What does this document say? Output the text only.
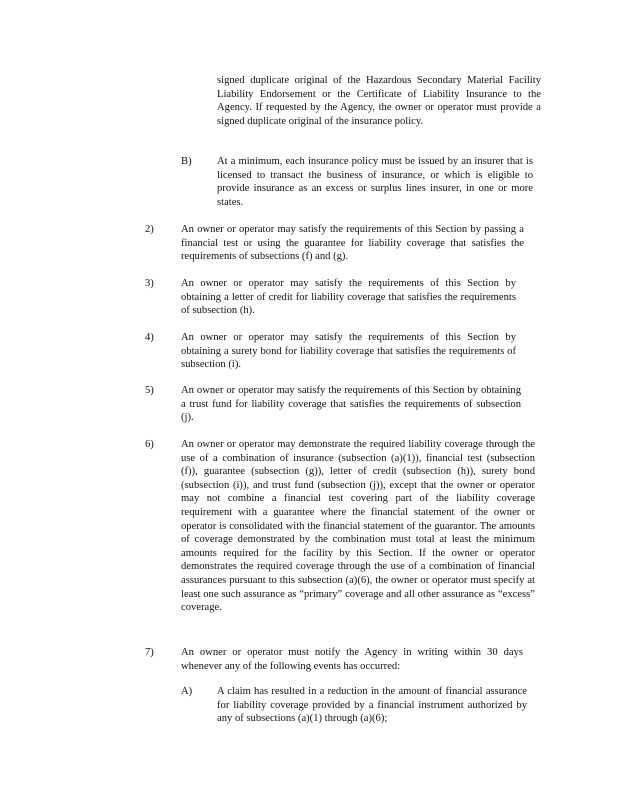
signed duplicate original of the Hazardous Secondary Material Facility Liability Endorsement or the Certificate of Liability Insurance to the Agency. If requested by the Agency, the owner or operator must provide a signed duplicate original of the insurance policy.
B) At a minimum, each insurance policy must be issued by an insurer that is licensed to transact the business of insurance, or which is eligible to provide insurance as an excess or surplus lines insurer, in one or more states.
2)	An owner or operator may satisfy the requirements of this Section by passing a financial test or using the guarantee for liability coverage that satisfies the requirements of subsections (f) and (g).
3)	An owner or operator may satisfy the requirements of this Section by obtaining a letter of credit for liability coverage that satisfies the requirements of subsection (h).
4)	An owner or operator may satisfy the requirements of this Section by obtaining a surety bond for liability coverage that satisfies the requirements of subsection (i).
5)	An owner or operator may satisfy the requirements of this Section by obtaining a trust fund for liability coverage that satisfies the requirements of subsection (j).
6)	An owner or operator may demonstrate the required liability coverage through the use of a combination of insurance (subsection (a)(1)), financial test (subsection (f)), guarantee (subsection (g)), letter of credit (subsection (h)), surety bond (subsection (i)), and trust fund (subsection (j)), except that the owner or operator may not combine a financial test covering part of the liability coverage requirement with a guarantee where the financial statement of the owner or operator is consolidated with the financial statement of the guarantor. The amounts of coverage demonstrated by the combination must total at least the minimum amounts required for the facility by this Section. If the owner or operator demonstrates the required coverage through the use of a combination of financial assurances pursuant to this subsection (a)(6), the owner or operator must specify at least one such assurance as “primary” coverage and all other assurance as “excess” coverage.
7)	An owner or operator must notify the Agency in writing within 30 days whenever any of the following events has occurred:
A) A claim has resulted in a reduction in the amount of financial assurance for liability coverage provided by a financial instrument authorized by any of subsections (a)(1) through (a)(6);
